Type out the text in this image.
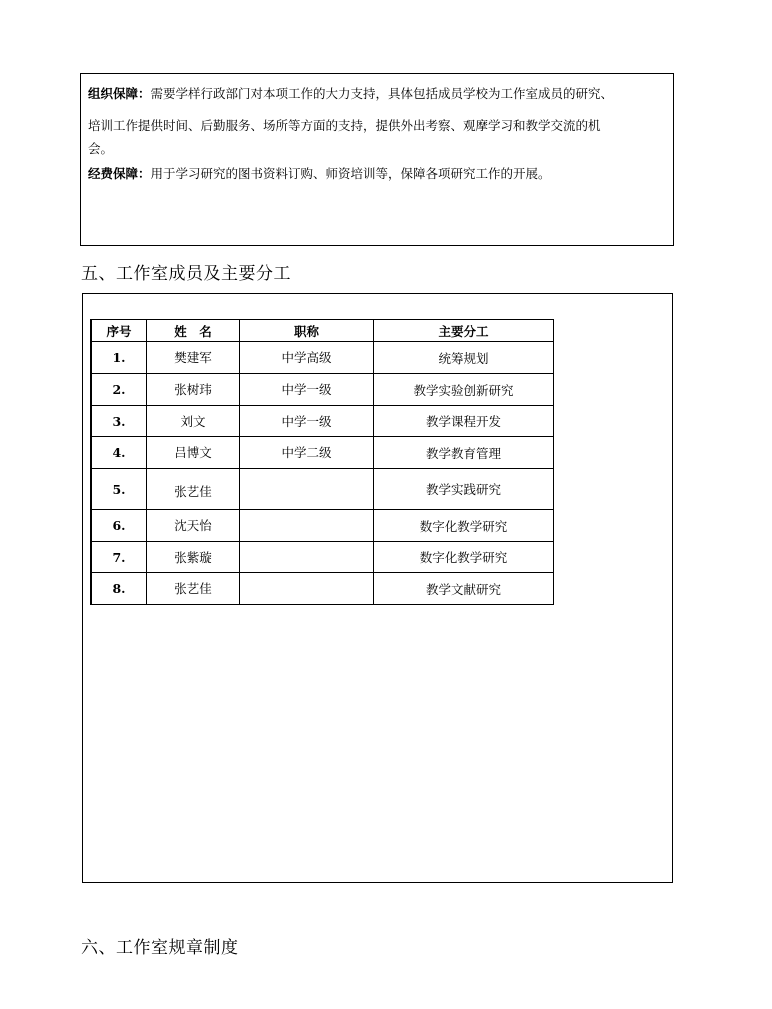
组织保障：需要学样行政部门对本项工作的大力支持，具体包括成员学校为工作室成员的研究、
培训工作提供时间、后勤服务、场所等方面的支持，提供外出考察、观摩学习和教学交流的机

会。

经费保障：用于学习研究的图书资料订购、师资培训等，保障各项研究工作的开展。

五、工作室成员及主要分工
序号	姓　名	职称	主要分工
1.	樊建军	中学高级	统筹规划
2.	张树玮	中学一级	教学实验创新研究
3.	刘文	中学一级	教学课程开发
4.	吕博文	中学二级	教学教育管理
5.	张艺佳		教学实践研究
6.	沈天怡		数字化教学研究
7.	张紫璇		数字化教学研究
8.	张艺佳		教学文献研究
六、工作室规章制度
